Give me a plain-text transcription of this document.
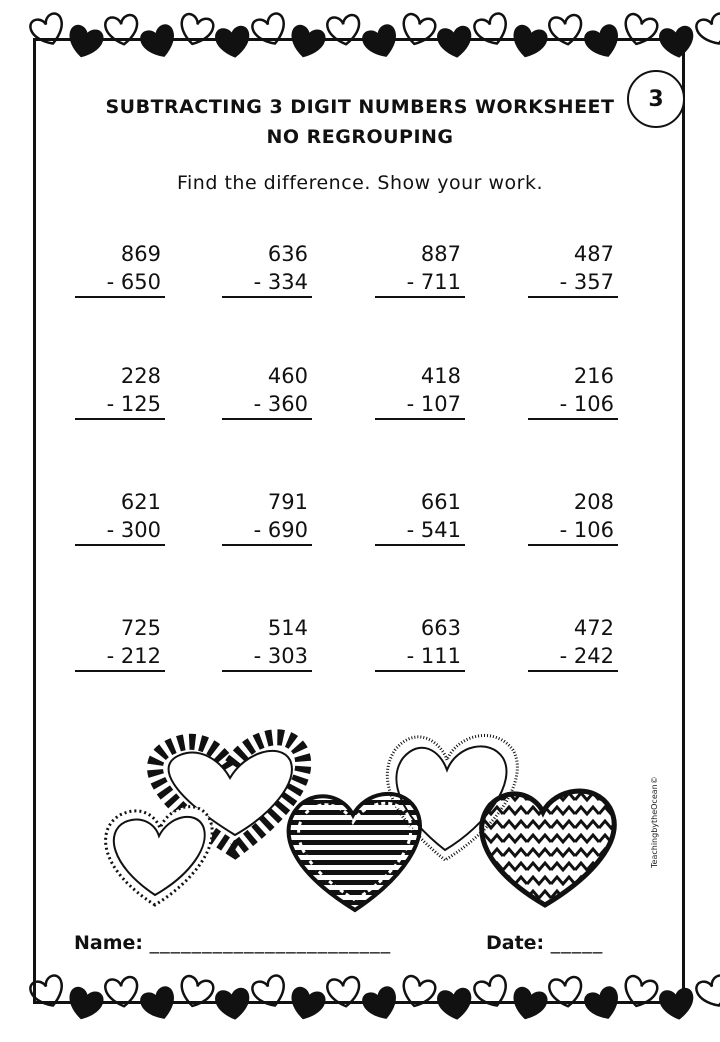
3
SUBTRACTING 3 DIGIT NUMBERS WORKSHEET
NO REGROUPING
Find the difference. Show your work.
869
- 650
636
- 334
887
- 711
487
- 357
228
- 125
460
- 360
418
- 107
216
- 106
621
- 300
791
- 690
661
- 541
208
- 106
725
- 212
514
- 303
663
- 111
472
- 242
Name: _______________________	Date: _____
TeachingbytheOcean©
